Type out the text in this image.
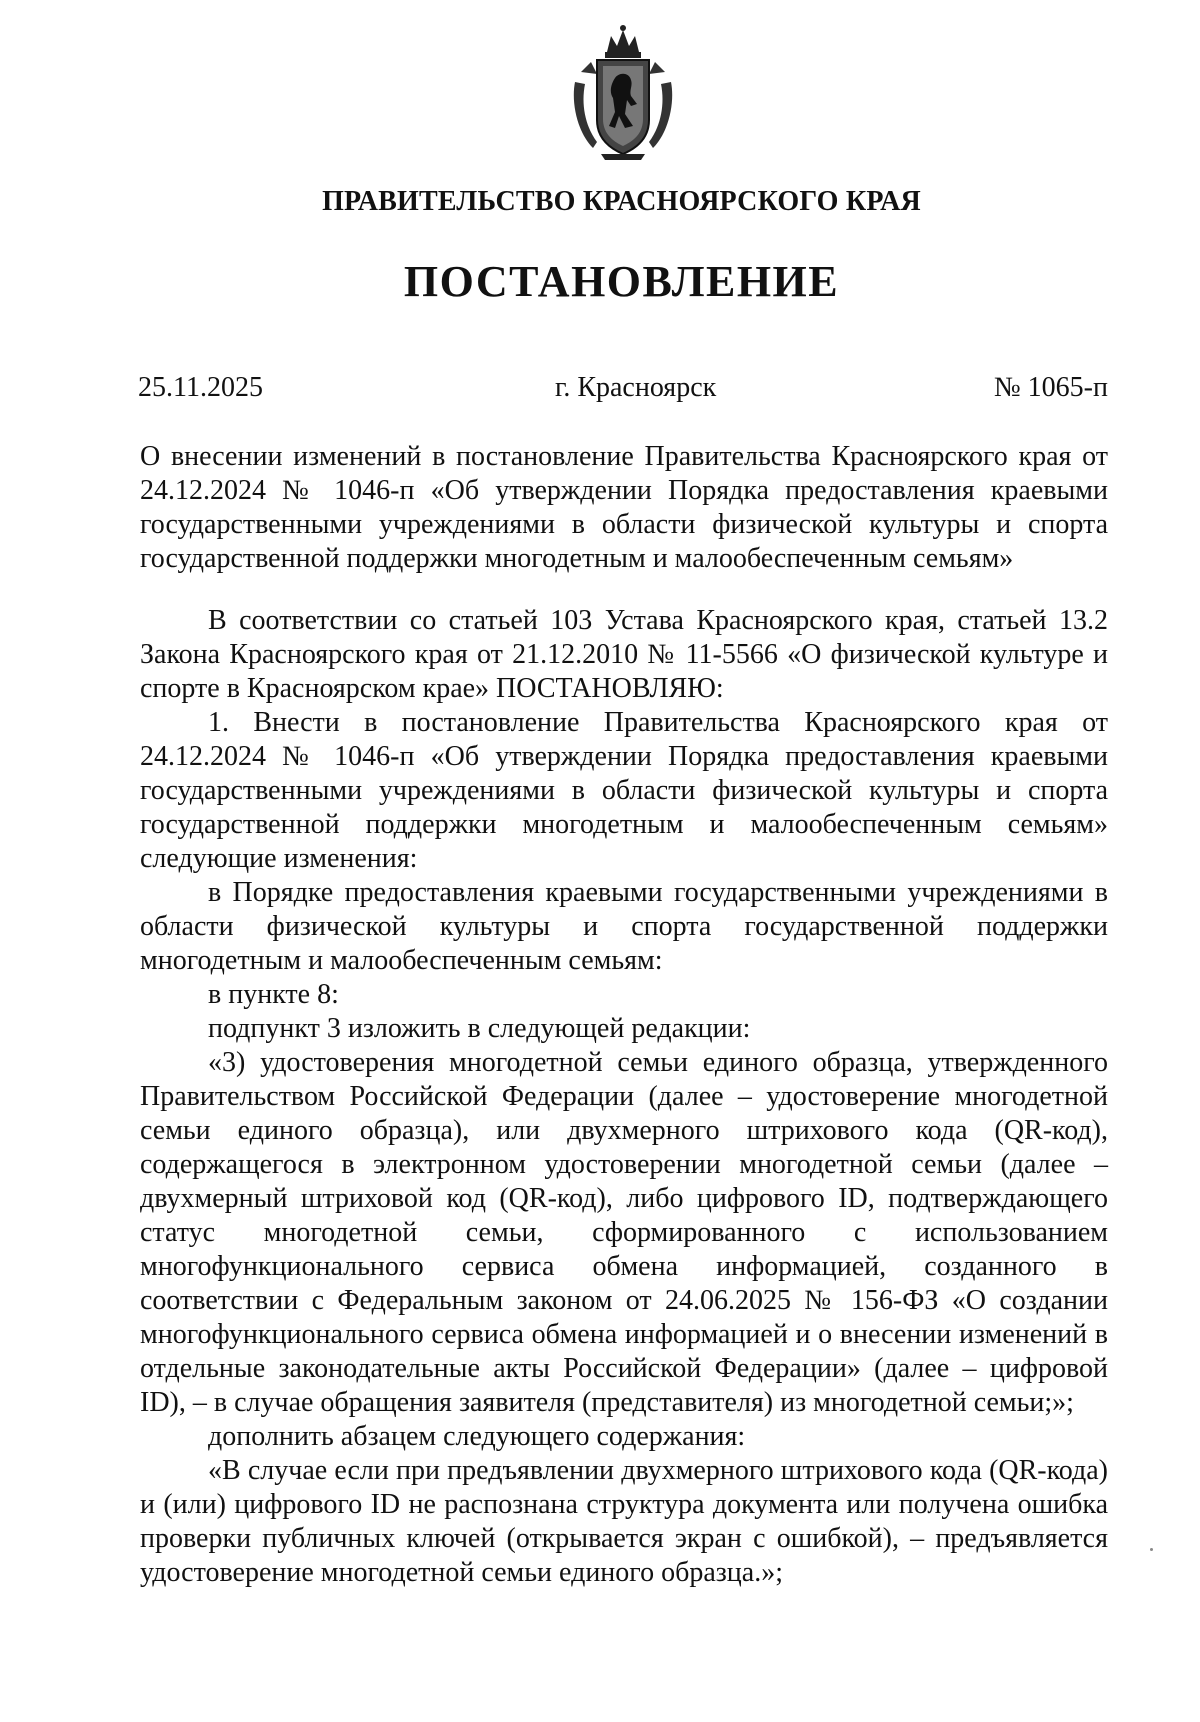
ПРАВИТЕЛЬСТВО КРАСНОЯРСКОГО КРАЯ
ПОСТАНОВЛЕНИЕ
25.11.2025	г. Красноярск	№ 1065-п
О внесении изменений в постановление Правительства Красноярского края от 24.12.2024 № 1046-п «Об утверждении Порядка предоставления краевыми государственными учреждениями в области физической культуры и спорта государственной поддержки многодетным и малообеспеченным семьям»

В соответствии со статьей 103 Устава Красноярского края, статьей 13.2 Закона Красноярского края от 21.12.2010 № 11-5566 «О физической культуре и спорте в Красноярском крае» ПОСТАНОВЛЯЮ:

1. Внести в постановление Правительства Красноярского края от 24.12.2024 № 1046-п «Об утверждении Порядка предоставления краевыми государственными учреждениями в области физической культуры и спорта государственной поддержки многодетным и малообеспеченным семьям» следующие изменения:

в Порядке предоставления краевыми государственными учреждениями в области физической культуры и спорта государственной поддержки многодетным и малообеспеченным семьям:

в пункте 8:

подпункт 3 изложить в следующей редакции:

«3) удостоверения многодетной семьи единого образца, утвержденного Правительством Российской Федерации (далее – удостоверение многодетной семьи единого образца), или двухмерного штрихового кода (QR-код), содержащегося в электронном удостоверении многодетной семьи (далее – двухмерный штриховой код (QR-код), либо цифрового ID, подтверждающего статус многодетной семьи, сформированного с использованием многофункционального сервиса обмена информацией, созданного в соответствии с Федеральным законом от 24.06.2025 № 156-ФЗ «О создании многофункционального сервиса обмена информацией и о внесении изменений в отдельные законодательные акты Российской Федерации» (далее – цифровой ID), – в случае обращения заявителя (представителя) из многодетной семьи;»;

дополнить абзацем следующего содержания:

«В случае если при предъявлении двухмерного штрихового кода (QR-кода) и (или) цифрового ID не распознана структура документа или получена ошибка проверки публичных ключей (открывается экран с ошибкой), – предъявляется удостоверение многодетной семьи единого образца.»;
